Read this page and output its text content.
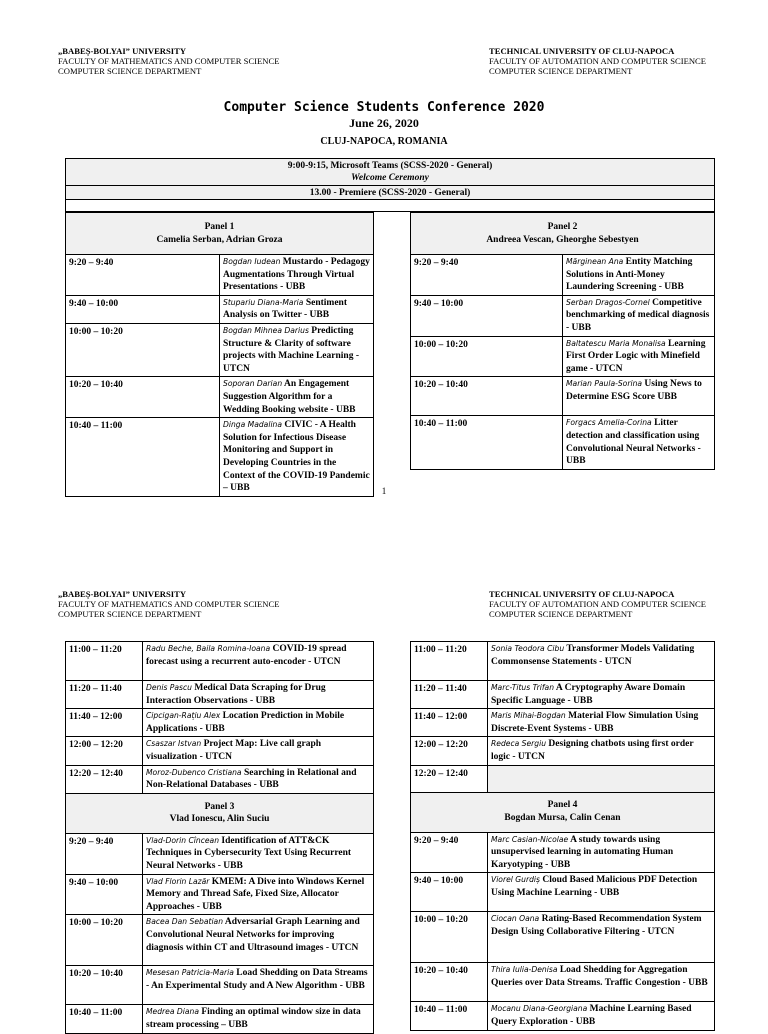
„BABEȘ-BOLYAI” UNIVERSITY
FACULTY OF MATHEMATICS AND COMPUTER SCIENCE
COMPUTER SCIENCE DEPARTMENT
TECHNICAL UNIVERSITY OF CLUJ-NAPOCA
FACULTY OF AUTOMATION AND COMPUTER SCIENCE
COMPUTER SCIENCE DEPARTMENT
Computer Science Students Conference 2020
June 26, 2020
CLUJ-NAPOCA, ROMANIA
9:00-9:15, Microsoft Teams (SCSS-2020 - General)
Welcome Ceremony
13.00 - Premiere (SCSS-2020 - General)
Panel 1
Camelia Serban, Adrian Groza	

9:20 – 9:40	Bogdan Iudean Mustardo - Pedagogy Augmentations Through Virtual Presentations - UBB
9:40 – 10:00	Stupariu Diana-Maria Sentiment Analysis on Twitter - UBB
10:00 – 10:20	Bogdan Mihnea Darius Predicting Structure & Clarity of software projects with Machine Learning - UTCN
10:20 – 10:40	Soporan Darian An Engagement Suggestion Algorithm for a Wedding Booking website - UBB
10:40 – 11:00	Dinga Madalina CIVIC - A Health Solution for Infectious Disease Monitoring and Support in Developing Countries in the Context of the COVID-19 Pandemic – UBB
Panel 2
Andreea Vescan, Gheorghe Sebestyen	

9:20 – 9:40	Mărginean Ana Entity Matching Solutions in Anti-Money Laundering Screening - UBB
9:40 – 10:00	Serban Dragos-Cornel Competitive benchmarking of medical diagnosis - UBB
10:00 – 10:20	Baltatescu Maria Monalisa Learning First Order Logic with Minefield game - UTCN
10:20 – 10:40	Marian Paula-Sorina Using News to Determine ESG Score UBB
10:40 – 11:00	Forgacs Amelia-Corina Litter detection and classification using Convolutional Neural Networks - UBB
1
„BABEȘ-BOLYAI” UNIVERSITY
FACULTY OF MATHEMATICS AND COMPUTER SCIENCE
COMPUTER SCIENCE DEPARTMENT
TECHNICAL UNIVERSITY OF CLUJ-NAPOCA
FACULTY OF AUTOMATION AND COMPUTER SCIENCE
COMPUTER SCIENCE DEPARTMENT
11:00 – 11:20	Radu Beche, Baila Romina-Ioana COVID-19 spread forecast using a recurrent auto-encoder - UTCN
11:20 – 11:40	Denis Pascu Medical Data Scraping for Drug Interaction Observations - UBB
11:40 – 12:00	Cipcigan-Rațiu Alex Location Prediction in Mobile Applications - UBB
12:00 – 12:20	Csaszar Istvan Project Map: Live call graph visualization - UTCN
12:20 – 12:40	Moroz-Dubenco Cristiana Searching in Relational and Non-Relational Databases - UBB

Panel 3
Vlad Ionescu, Alin Suciu	

9:20 – 9:40	Vlad-Dorin Cîncean Identification of ATT&CK Techniques in Cybersecurity Text Using Recurrent Neural Networks - UBB
9:40 – 10:00	Vlad Florin Lazăr KMEM: A Dive into Windows Kernel Memory and Thread Safe, Fixed Size, Allocator Approaches - UBB
10:00 – 10:20	Bacea Dan Sebatian Adversarial Graph Learning and Convolutional Neural Networks for improving diagnosis within CT and Ultrasound images - UTCN
10:20 – 10:40	Mesesan Patricia-Maria Load Shedding on Data Streams - An Experimental Study and A New Algorithm - UBB
10:40 – 11:00	Medrea Diana Finding an optimal window size in data stream processing – UBB
11:00 – 11:20	Sonia Teodora Cibu Transformer Models Validating Commonsense Statements - UTCN
11:20 – 11:40	Marc-Titus Trifan A Cryptography Aware Domain Specific Language - UBB
11:40 – 12:00	Maris Mihai-Bogdan Material Flow Simulation Using Discrete-Event Systems - UBB
12:00 – 12:20	Redeca Sergiu Designing chatbots using first order logic - UTCN
12:20 – 12:40	

Panel 4
Bogdan Mursa, Calin Cenan	

9:20 – 9:40	Marc Casian-Nicolae A study towards using unsupervised learning in automating Human Karyotyping - UBB
9:40 – 10:00	Viorel Gurdiș Cloud Based Malicious PDF Detection Using Machine Learning - UBB
10:00 – 10:20	Ciocan Oana Rating-Based Recommendation System Design Using Collaborative Filtering - UTCN
10:20 – 10:40	Thira Iulia-Denisa Load Shedding for Aggregation Queries over Data Streams. Traffic Congestion - UBB
10:40 – 11:00	Mocanu Diana-Georgiana Machine Learning Based Query Exploration - UBB
